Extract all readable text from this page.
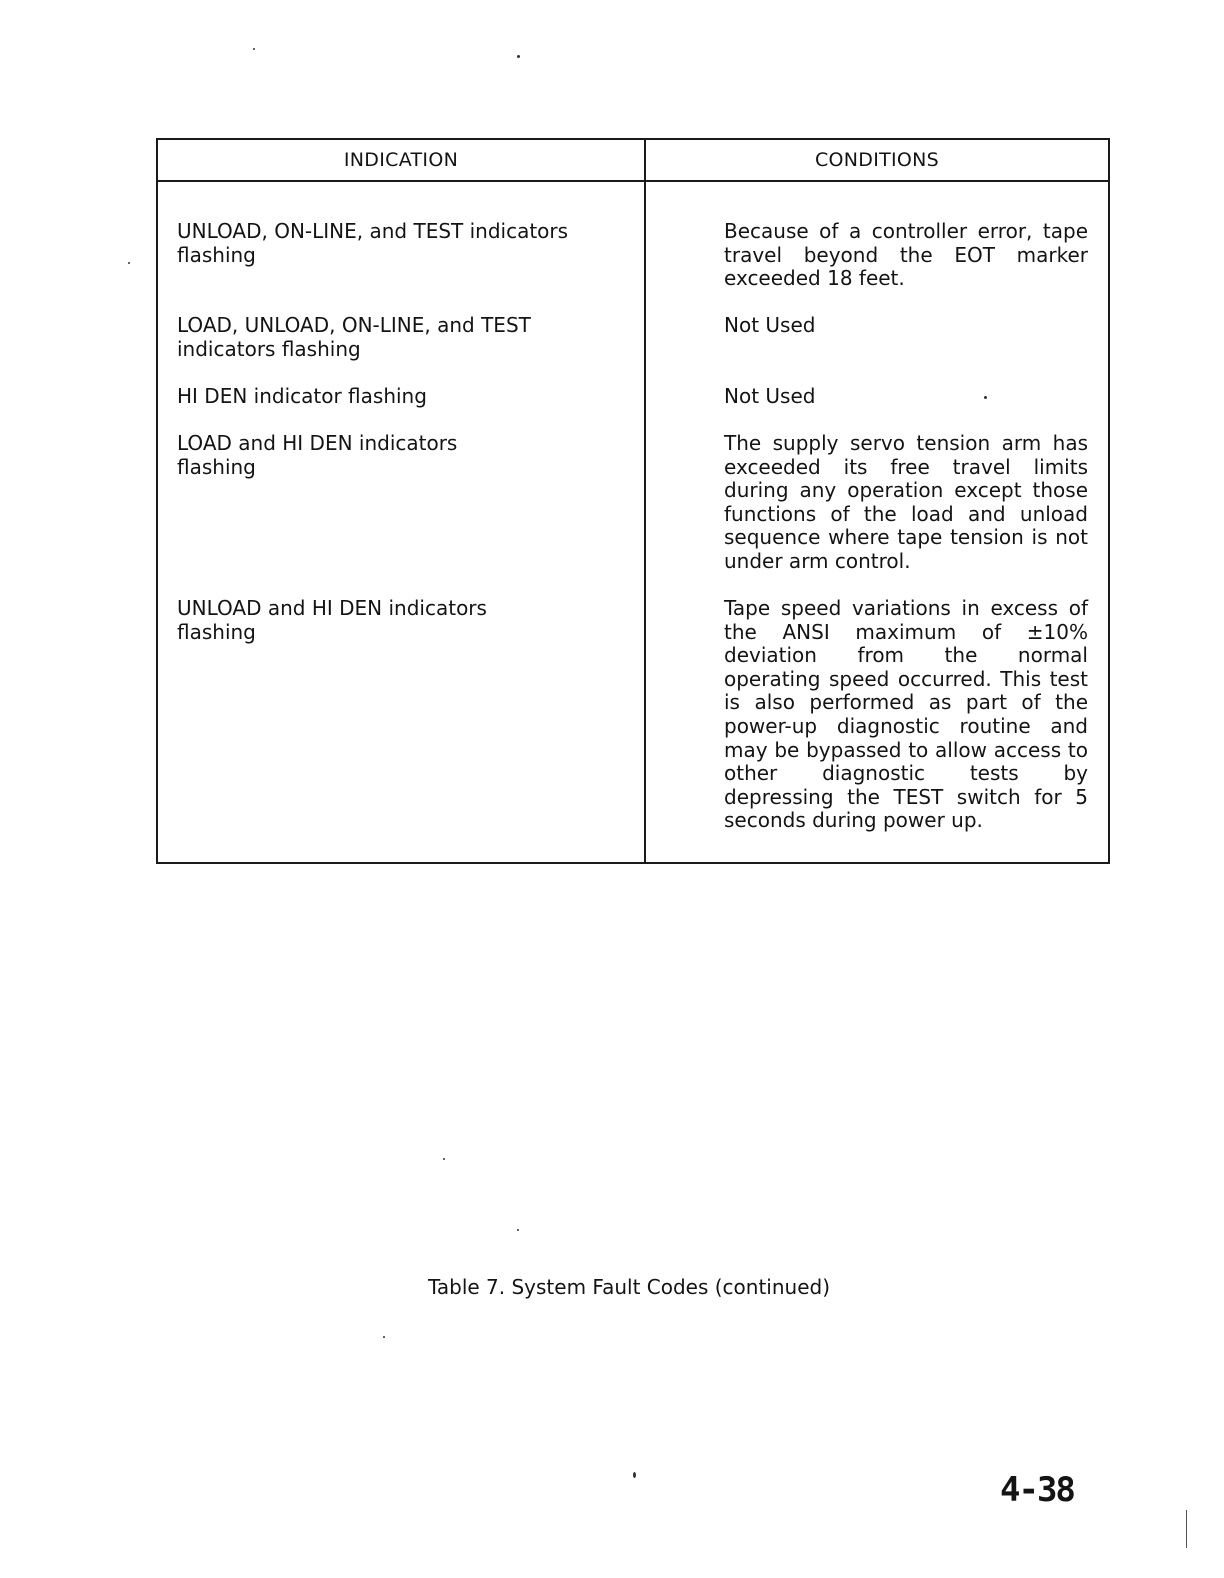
INDICATION	CONDITIONS
UNLOAD, ON-LINE, and TEST indicators flashing
Because of a controller error, tape travel beyond the EOT marker exceeded 18 feet.
LOAD, UNLOAD, ON-LINE, and TEST indicators flashing
Not Used
HI DEN indicator flashing	Not Used
LOAD and HI DEN indicators flashing
The supply servo tension arm has exceeded its free travel limits during any operation except those functions of the load and unload sequence where tape tension is not under arm control.
UNLOAD and HI DEN indicators flashing
Tape speed variations in excess of the ANSI maximum of ±10% deviation from the normal operating speed occurred. This test is also performed as part of the power-up diagnostic routine and may be bypassed to allow access to other diagnostic tests by depressing the TEST switch for 5 seconds during power up.
Table 7. System Fault Codes (continued)
4-38
